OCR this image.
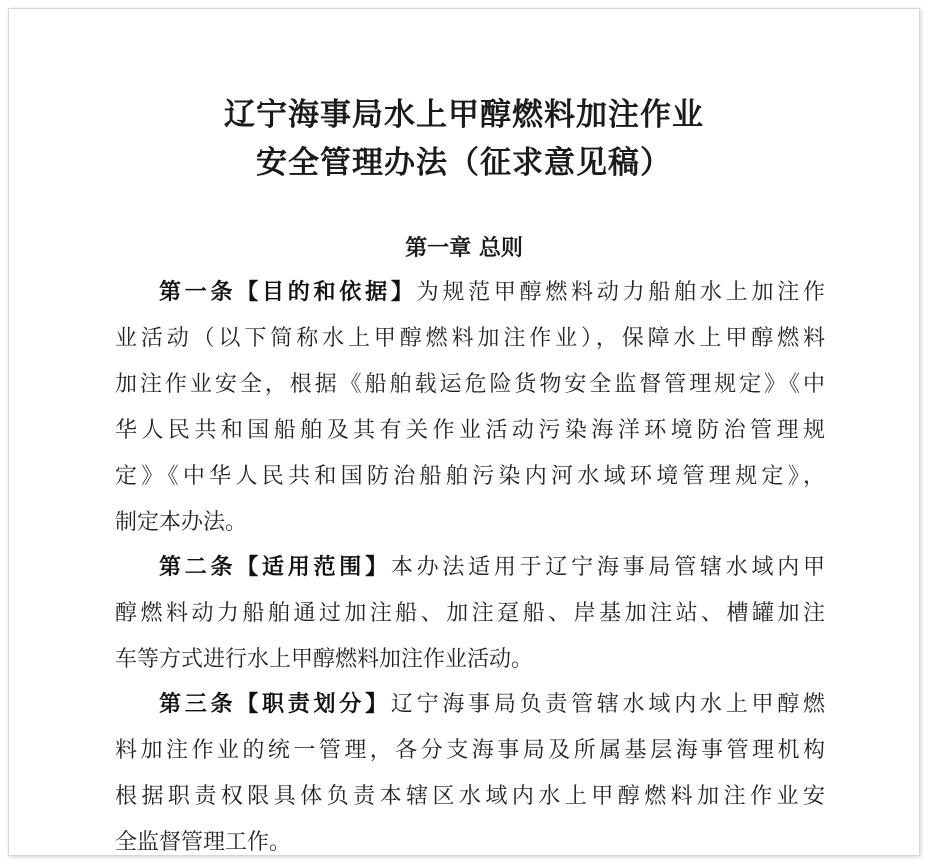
辽宁海事局水上甲醇燃料加注作业
安全管理办法（征求意见稿）
第一章 总则
第一条【目的和依据】为规范甲醇燃料动力船舶水上加注作
业活动（以下简称水上甲醇燃料加注作业），保障水上甲醇燃料
加注作业安全，根据《船舶载运危险货物安全监督管理规定》《中
华人民共和国船舶及其有关作业活动污染海洋环境防治管理规
定》《中华人民共和国防治船舶污染内河水域环境管理规定》，
制定本办法。
第二条【适用范围】本办法适用于辽宁海事局管辖水域内甲
醇燃料动力船舶通过加注船、加注趸船、岸基加注站、槽罐加注
车等方式进行水上甲醇燃料加注作业活动。
第三条【职责划分】辽宁海事局负责管辖水域内水上甲醇燃
料加注作业的统一管理，各分支海事局及所属基层海事管理机构
根据职责权限具体负责本辖区水域内水上甲醇燃料加注作业安
全监督管理工作。
